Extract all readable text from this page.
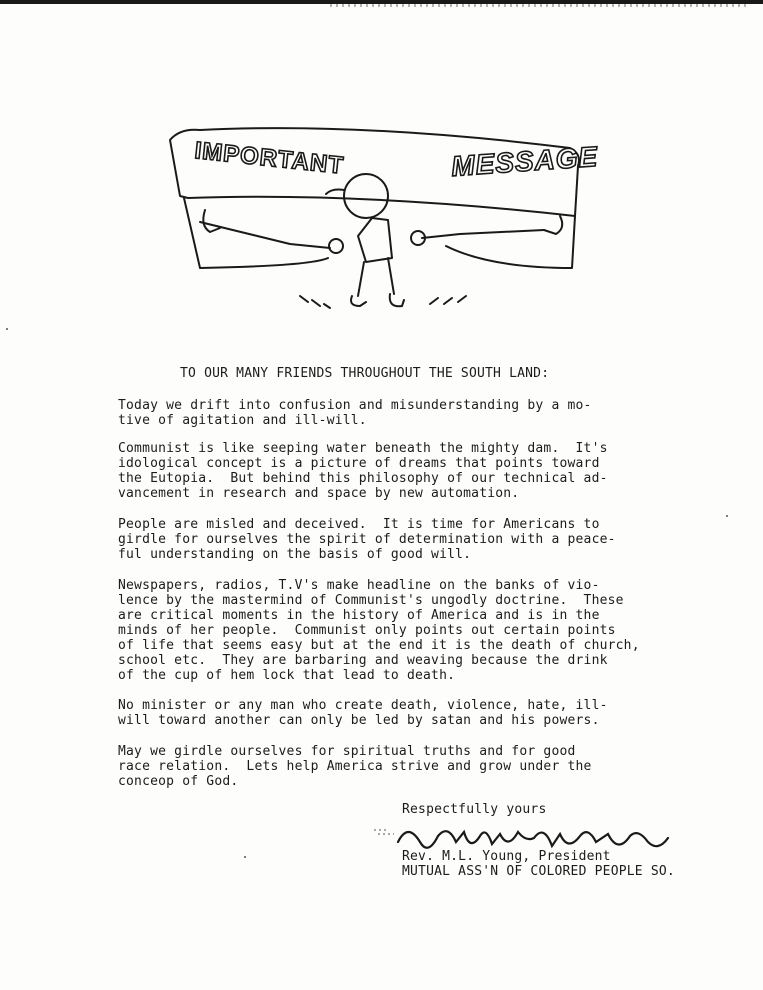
IMPORTANT	MESSAGE
TO OUR MANY FRIENDS THROUGHOUT THE SOUTH LAND:
Today we drift into confusion and misunderstanding by a mo-
tive of agitation and ill-will.
Communist is like seeping water beneath the mighty dam.  It's
idological concept is a picture of dreams that points toward
the Eutopia.  But behind this philosophy of our technical ad-
vancement in research and space by new automation.
People are misled and deceived.  It is time for Americans to
girdle for ourselves the spirit of determination with a peace-
ful understanding on the basis of good will.
Newspapers, radios, T.V's make headline on the banks of vio-
lence by the mastermind of Communist's ungodly doctrine.  These
are critical moments in the history of America and is in the
minds of her people.  Communist only points out certain points
of life that seems easy but at the end it is the death of church,
school etc.  They are barbaring and weaving because the drink
of the cup of hem lock that lead to death.
No minister or any man who create death, violence, hate, ill-
will toward another can only be led by satan and his powers.
May we girdle ourselves for spiritual truths and for good
race relation.  Lets help America strive and grow under the
conceop of God.
Respectfully yours
Rev. M.L. Young, President
MUTUAL ASS'N OF COLORED PEOPLE SO.
